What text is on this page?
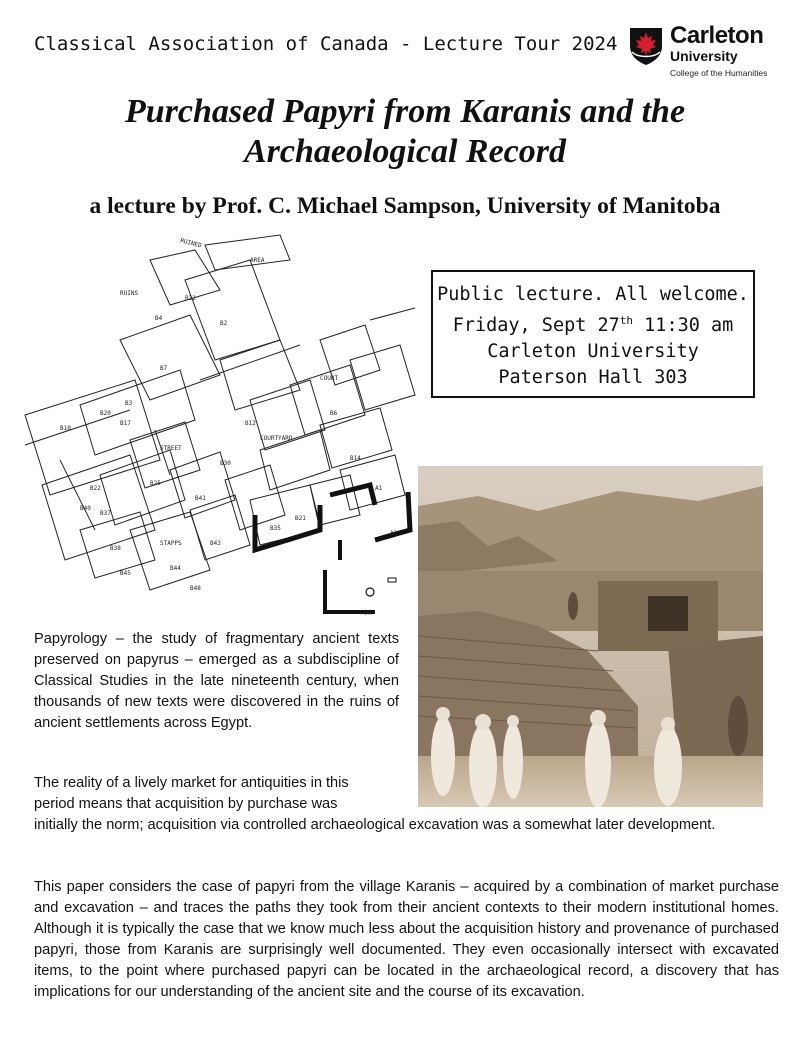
Classical Association of Canada - Lecture Tour 2024 Carleton
University
College of the Humanities
Purchased Papyri from Karanis and the
Archaeological Record
a lecture by Prof. C. Michael Sampson, University of Manitoba
RUINED
AREA
RUINS
B2
B4
B7
B10
B20
B3
STREET
B12
COURTYARD
COURT
B6
B14
A1
A3
A4
B22
B37
B25
B41
B38
STAPPS
B44
B43
B21
B35
B30
B48
B40
B45
B32
B17
Public lecture. All welcome.
Friday, Sept 27th 11:30 am
Carleton University
Paterson Hall 303
Papyrology – the study of fragmentary ancient texts preserved on papyrus – emerged as a subdiscipline of Classical Studies in the late nineteenth century, when thousands of new texts were discovered in the ruins of ancient settlements across Egypt.
The reality of a lively market for antiquities in this
period means that acquisition by purchase was
initially the norm; acquisition via controlled archaeological excavation was a somewhat later development.
This paper considers the case of papyri from the village Karanis – acquired by a combination of market purchase and excavation – and traces the paths they took from their ancient contexts to their modern institutional homes. Although it is typically the case that we know much less about the acquisition history and provenance of purchased papyri, those from Karanis are surprisingly well documented. They even occasionally intersect with excavated items, to the point where purchased papyri can be located in the archaeological record, a discovery that has implications for our understanding of the ancient site and the course of its excavation.
